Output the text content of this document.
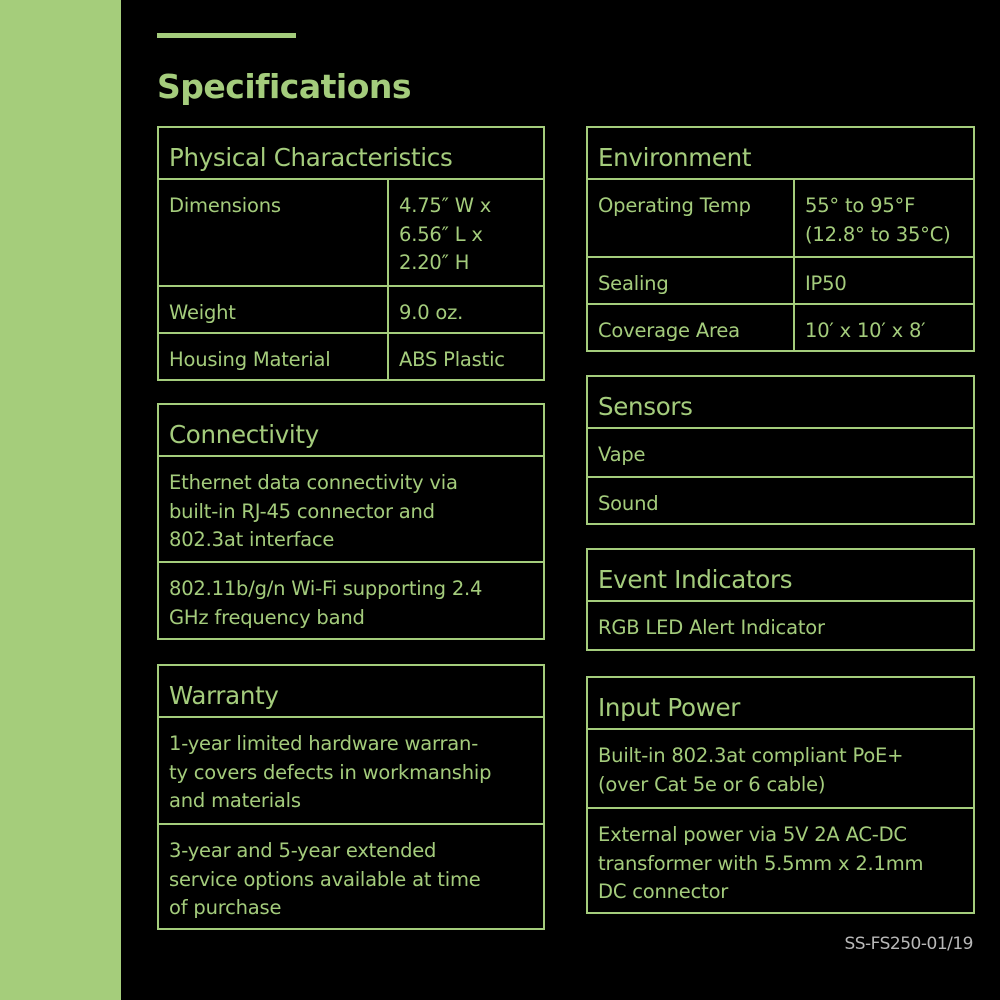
Specifications
Physical Characteristics
Dimensions	4.75″ W x
6.56″ L x
2.20″ H
Weight	9.0 oz.
Housing Material	ABS Plastic
Connectivity
Ethernet data connectivity via
built-in RJ-45 connector and
802.3at interface
802.11b/g/n Wi-Fi supporting 2.4
GHz frequency band
Warranty
1-year limited hardware warran-
ty covers defects in workmanship
and materials
3-year and 5-year extended
service options available at time
of purchase
Environment
Operating Temp	55° to 95°F
(12.8° to 35°C)
Sealing	IP50
Coverage Area	10′ x 10′ x 8′
Sensors
Vape
Sound
Event Indicators
RGB LED Alert Indicator
Input Power
Built-in 802.3at compliant PoE+
(over Cat 5e or 6 cable)
External power via 5V 2A AC-DC
transformer with 5.5mm x 2.1mm
DC connector
SS-FS250-01/19
